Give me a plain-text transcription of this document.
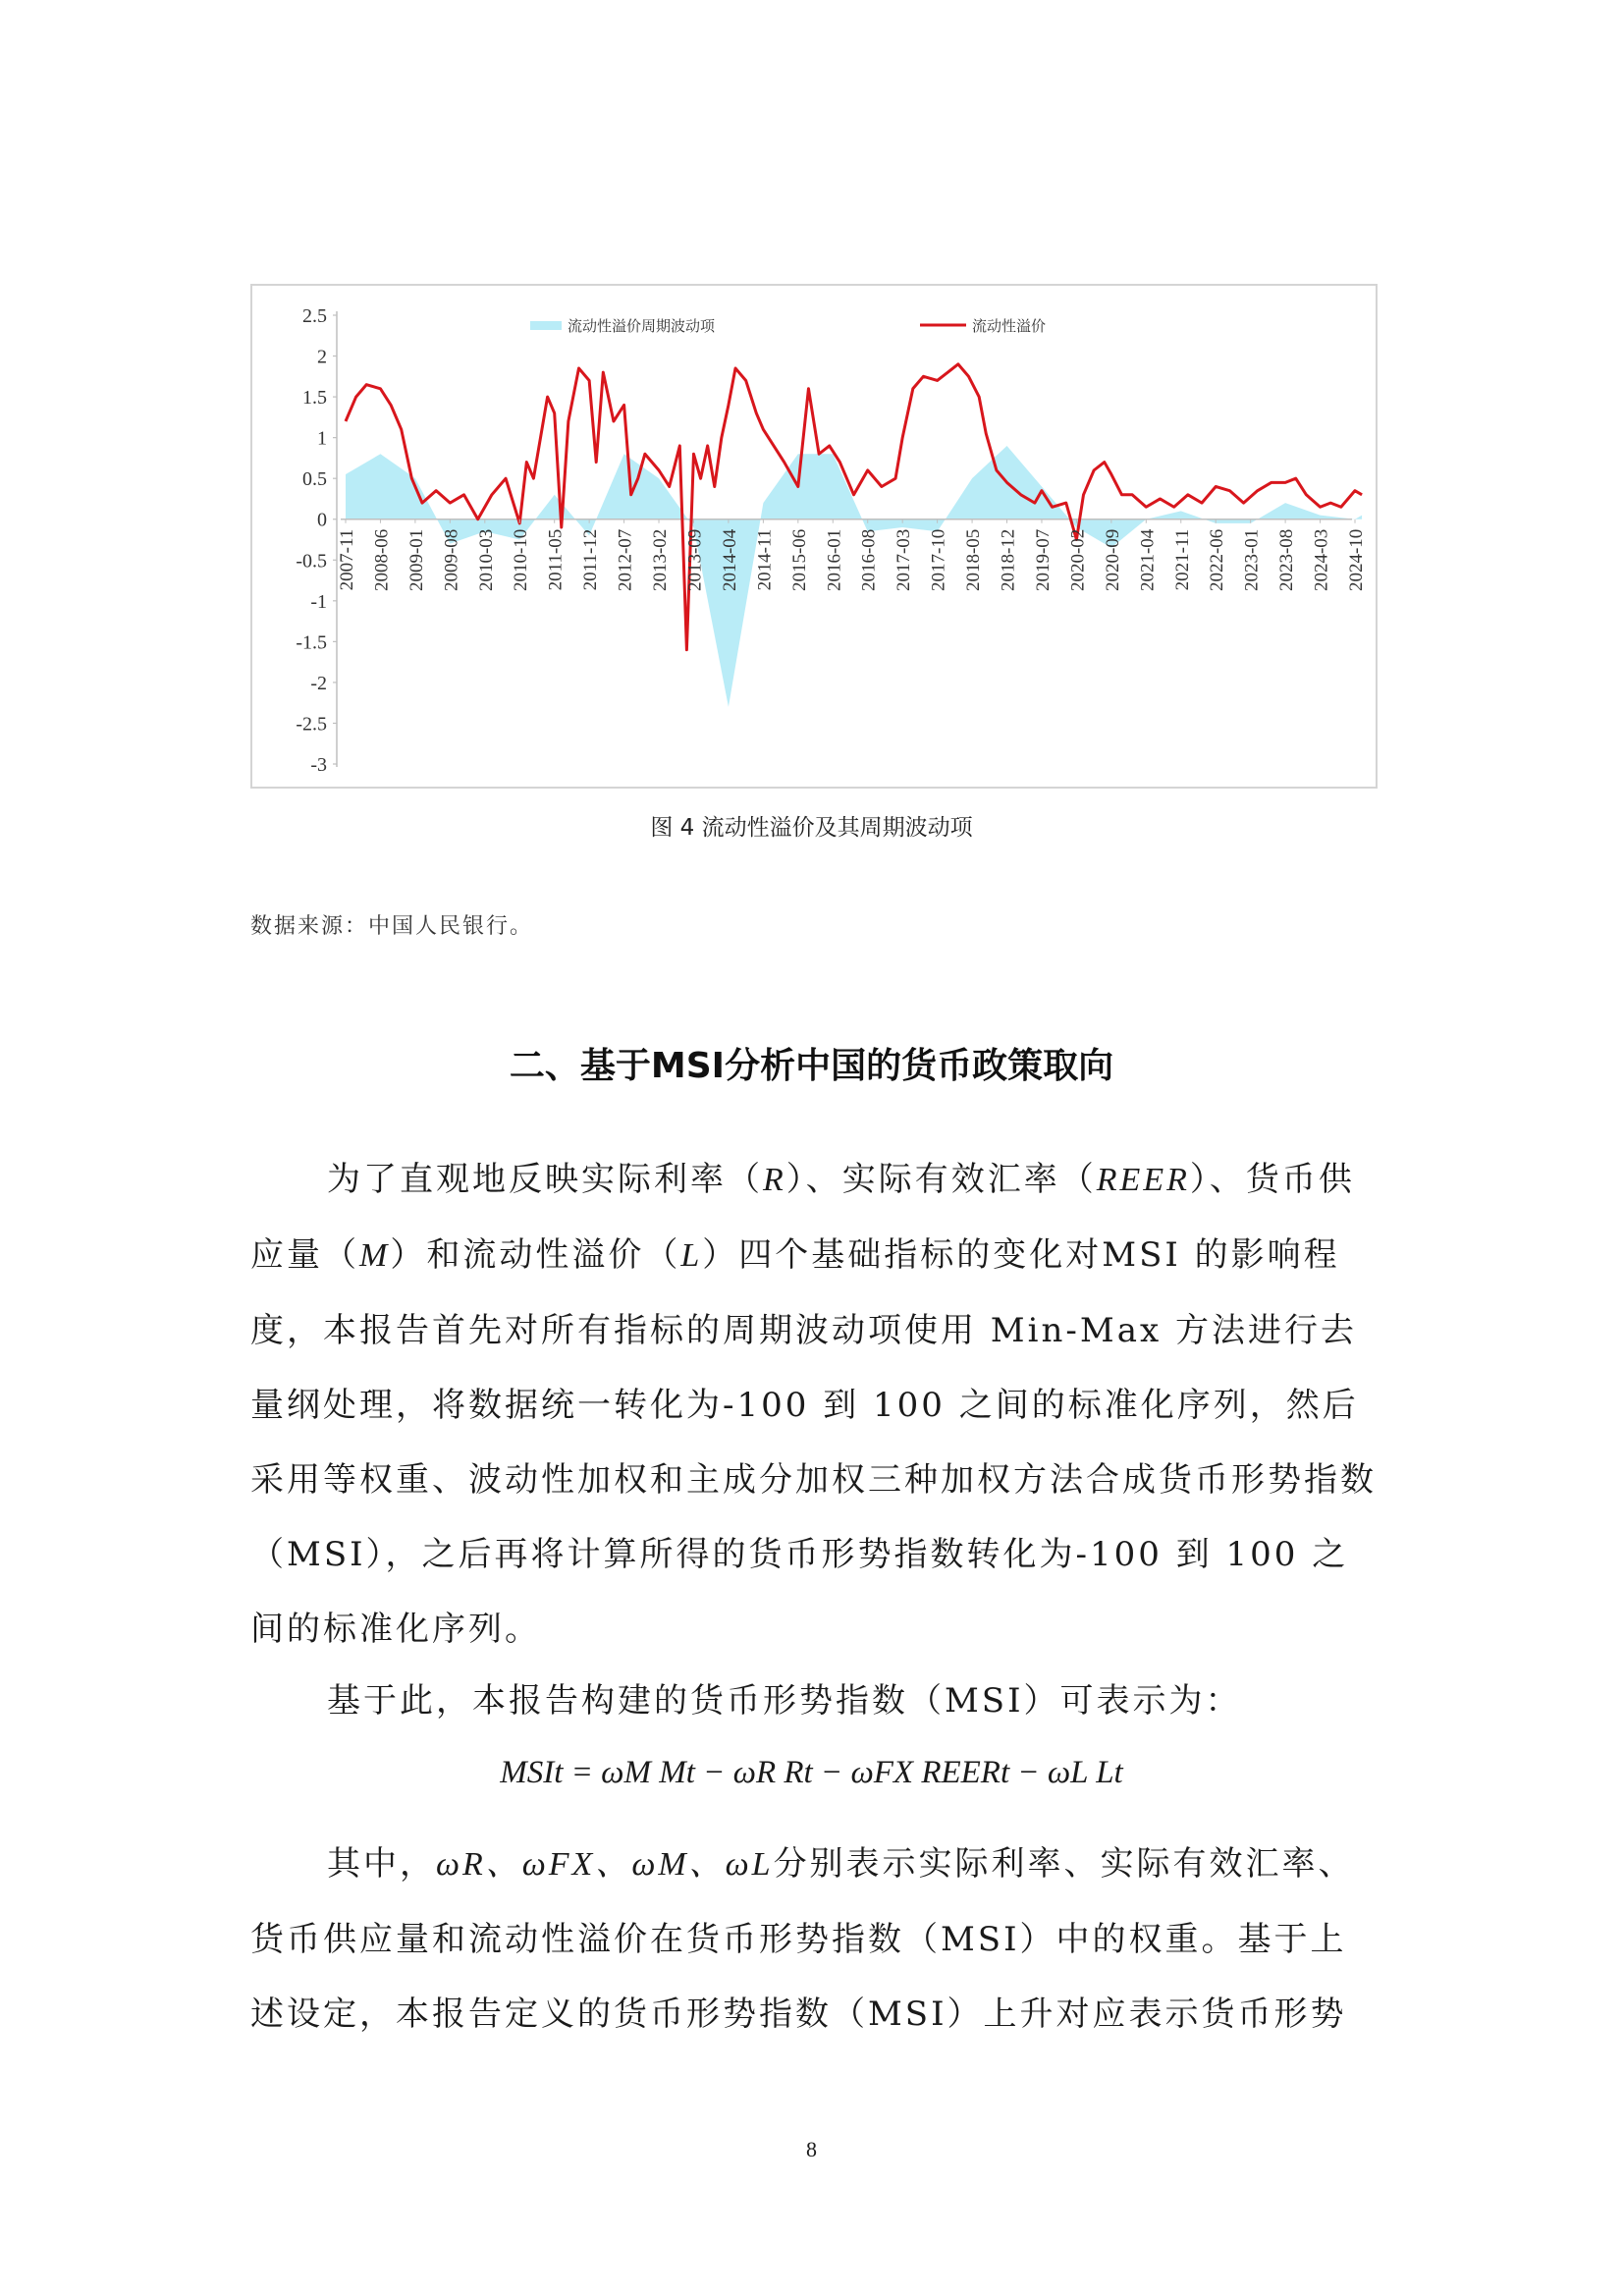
2.5
2
1.5
1
0.5
0
-0.5
-1
-1.5
-2
-2.5
-3
2007-11 2008-06 2009-01 2009-08 2010-03 2010-10 2011-05 2011-12 2012-07 2013-02 2013-09 2014-04 2014-11 2015-06 2016-01 2016-08 2017-03 2017-10 2018-05 2018-12 2019-07 2020-02 2020-09 2021-04 2021-11 2022-06 2023-01 2023-08 2024-03 2024-10
流动性溢价周期波动项	流动性溢价
图 4 流动性溢价及其周期波动项
数据来源：中国人民银行。
二、基于MSI分析中国的货币政策取向
为了直观地反映实际利率（R）、实际有效汇率（REER）、货币供应量（M）和流动性溢价（L）四个基础指标的变化对MSI 的影响程度，本报告首先对所有指标的周期波动项使用 Min-Max 方法进行去量纲处理，将数据统一转化为-100 到 100 之间的标准化序列，然后采用等权重、波动性加权和主成分加权三种加权方法合成货币形势指数（MSI），之后再将计算所得的货币形势指数转化为-100 到 100 之间的标准化序列。
基于此，本报告构建的货币形势指数（MSI）可表示为：
MSIt = ωM Mt − ωR Rt − ωFX REERt − ωL Lt
其中，ωR、ωFX、ωM、ωL分别表示实际利率、实际有效汇率、货币供应量和流动性溢价在货币形势指数（MSI）中的权重。基于上述设定，本报告定义的货币形势指数（MSI）上升对应表示货币形势
8
